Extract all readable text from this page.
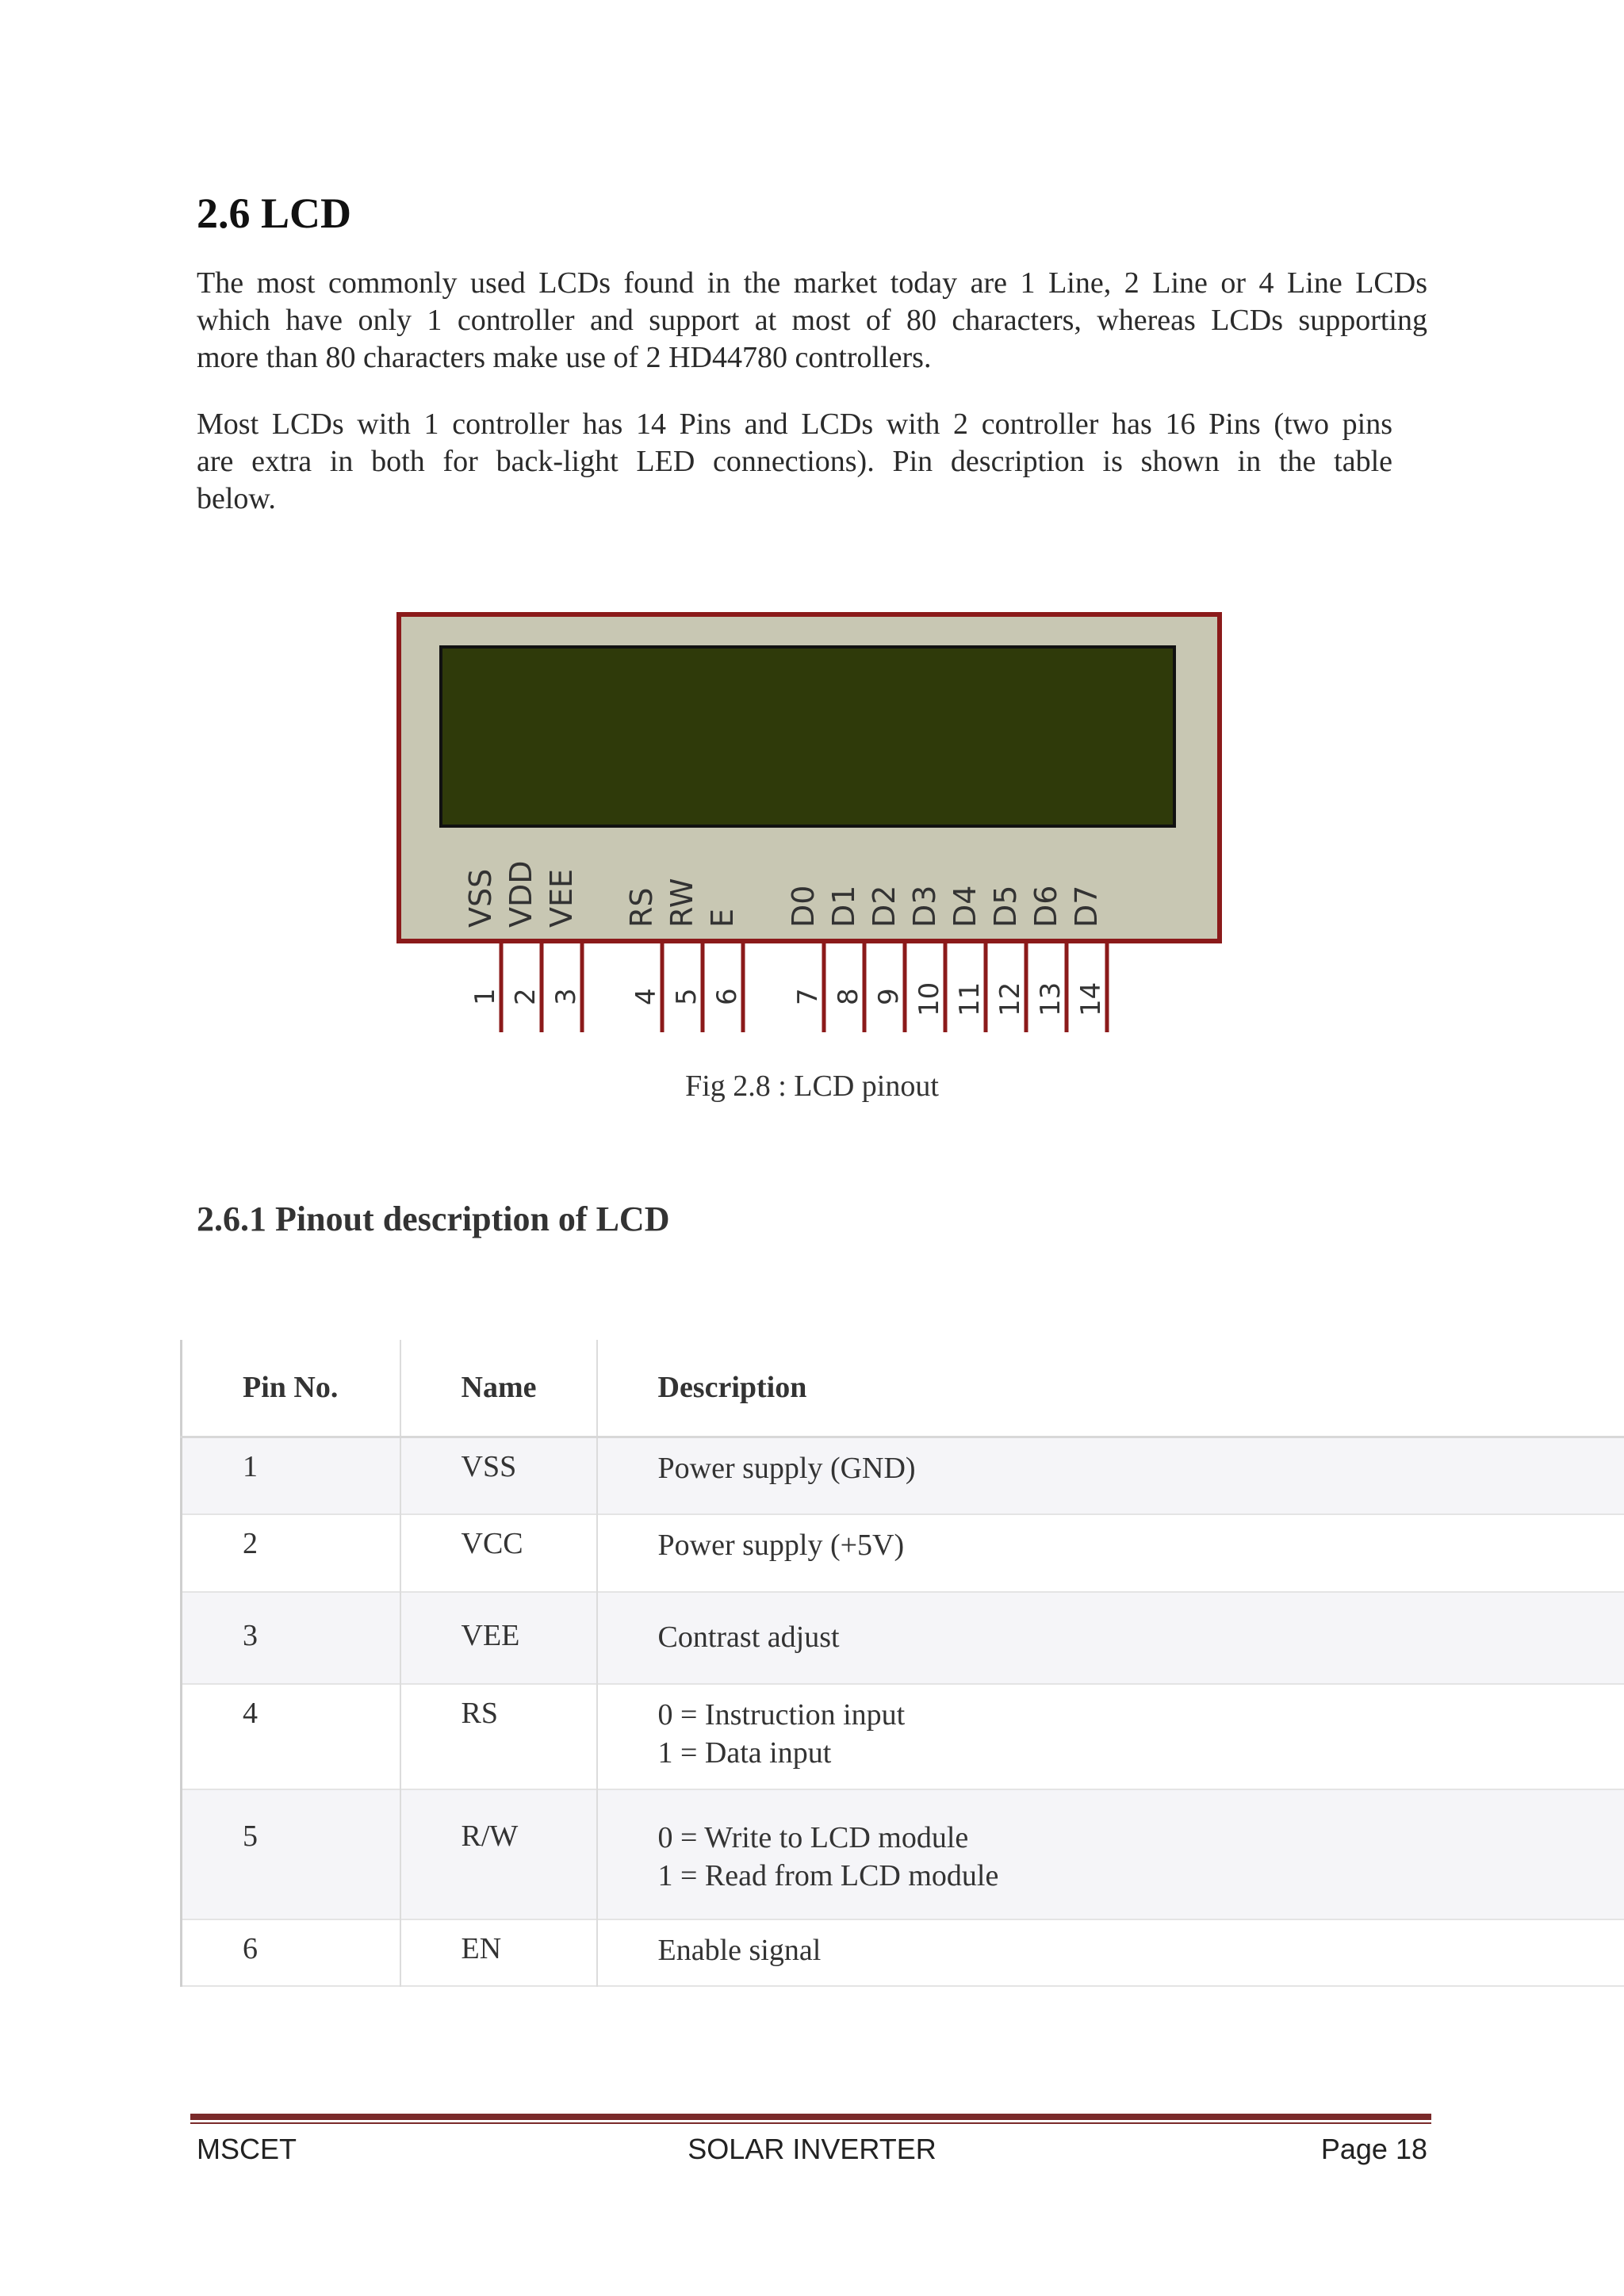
2.6 LCD
The most commonly used LCDs found in the market today are 1 Line, 2 Line or 4 Line LCDs
which have only 1 controller and support at most of 80 characters, whereas LCDs supporting
more than 80 characters make use of 2 HD44780 controllers.
Most LCDs with 1 controller has 14 Pins and LCDs with 2 controller has 16 Pins (two pins
are extra in both for back-light LED connections). Pin description is shown in the table
below.
VSS
1
VDD
2
VEE
3
RS
4
RW
5
E
6
D0
7
D1
8
D2
9
D3
10
D4
11
D5
12
D6
13
D7
14
Fig 2.8 : LCD pinout
2.6.1 Pinout description of LCD
Pin No.	Name	Description
1	VSS	Power supply (GND)

2	VCC	Power supply (+5V)

3	VEE	Contrast adjust

4	RS	0 = Instruction input
1 = Data input

5	R/W	0 = Write to LCD module
1 = Read from LCD module

6	EN	Enable signal
MSCET	SOLAR INVERTER	Page 18
